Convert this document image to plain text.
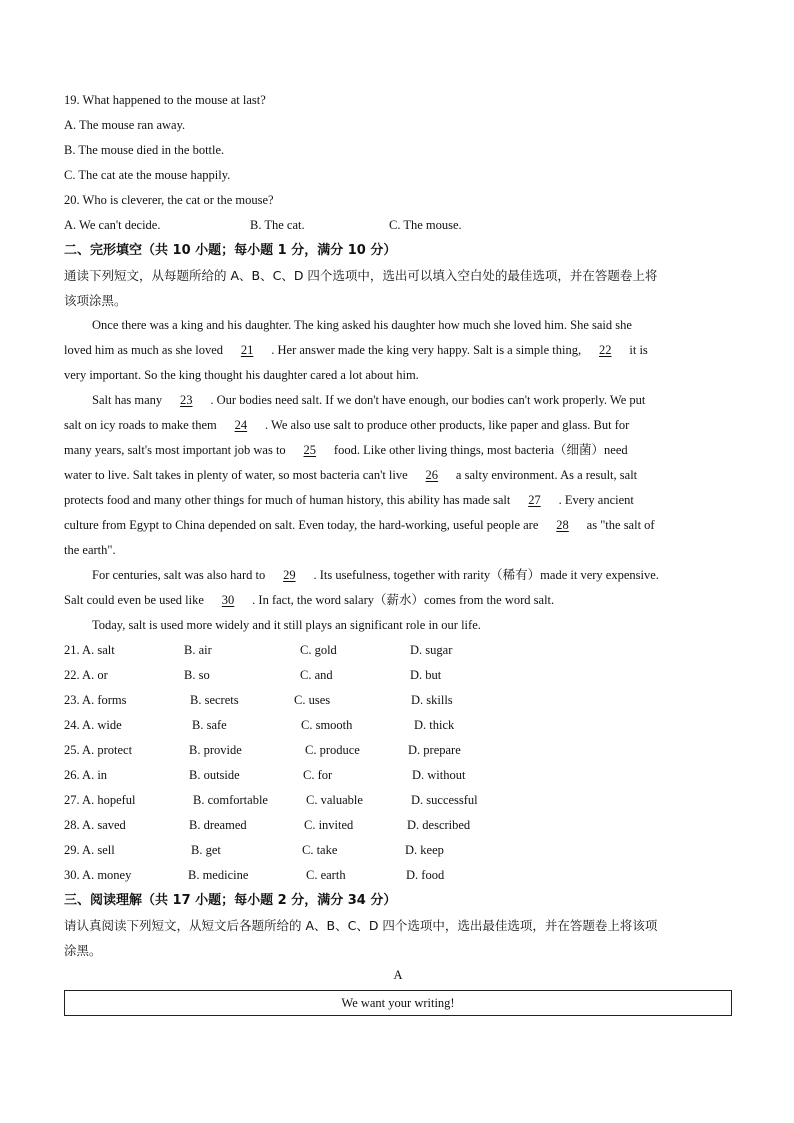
19. What happened to the mouse at last?
A. The mouse ran away.
B. The mouse died in the bottle.
C. The cat ate the mouse happily.
20. Who is cleverer, the cat or the mouse?
A. We can't decide.	B. The cat.	C. The mouse.
二、完形填空（共 10 小题；每小题 1 分，满分 10 分）
通读下列短文，从每题所给的 A、B、C、D 四个选项中，选出可以填入空白处的最佳选项，并在答题卷上将
该项涂黑。
Once there was a king and his daughter. The king asked his daughter how much she loved him. She said she
loved him as much as she loved 21 . Her answer made the king very happy. Salt is a simple thing, 22 it is
very important. So the king thought his daughter cared a lot about him.
Salt has many 23 . Our bodies need salt. If we don't have enough, our bodies can't work properly. We put
salt on icy roads to make them 24 . We also use salt to produce other products, like paper and glass. But for
many years, salt's most important job was to 25 food. Like other living things, most bacteria（细菌）need
water to live. Salt takes in plenty of water, so most bacteria can't live 26 a salty environment. As a result, salt
protects food and many other things for much of human history, this ability has made salt 27 . Every ancient
culture from Egypt to China depended on salt. Even today, the hard-working, useful people are 28 as "the salt of
the earth".
For centuries, salt was also hard to 29 . Its usefulness, together with rarity（稀有）made it very expensive.
Salt could even be used like 30 . In fact, the word salary（薪水）comes from the word salt.
Today, salt is used more widely and it still plays an significant role in our life.
21. A. salt	B. air	C. gold	D. sugar
22. A. or	B. so	C. and	D. but
23. A. forms	B. secrets	C. uses	D. skills
24. A. wide	B. safe	C. smooth	D. thick
25. A. protect	B. provide	C. produce	D. prepare
26. A. in	B. outside	C. for	D. without
27. A. hopeful	B. comfortable	C. valuable	D. successful
28. A. saved	B. dreamed	C. invited	D. described
29. A. sell	B. get	C. take	D. keep
30. A. money	B. medicine	C. earth	D. food
三、阅读理解（共 17 小题；每小题 2 分，满分 34 分）
请认真阅读下列短文，从短文后各题所给的 A、B、C、D 四个选项中，选出最佳选项，并在答题卷上将该项
涂黑。
A
We want your writing!
